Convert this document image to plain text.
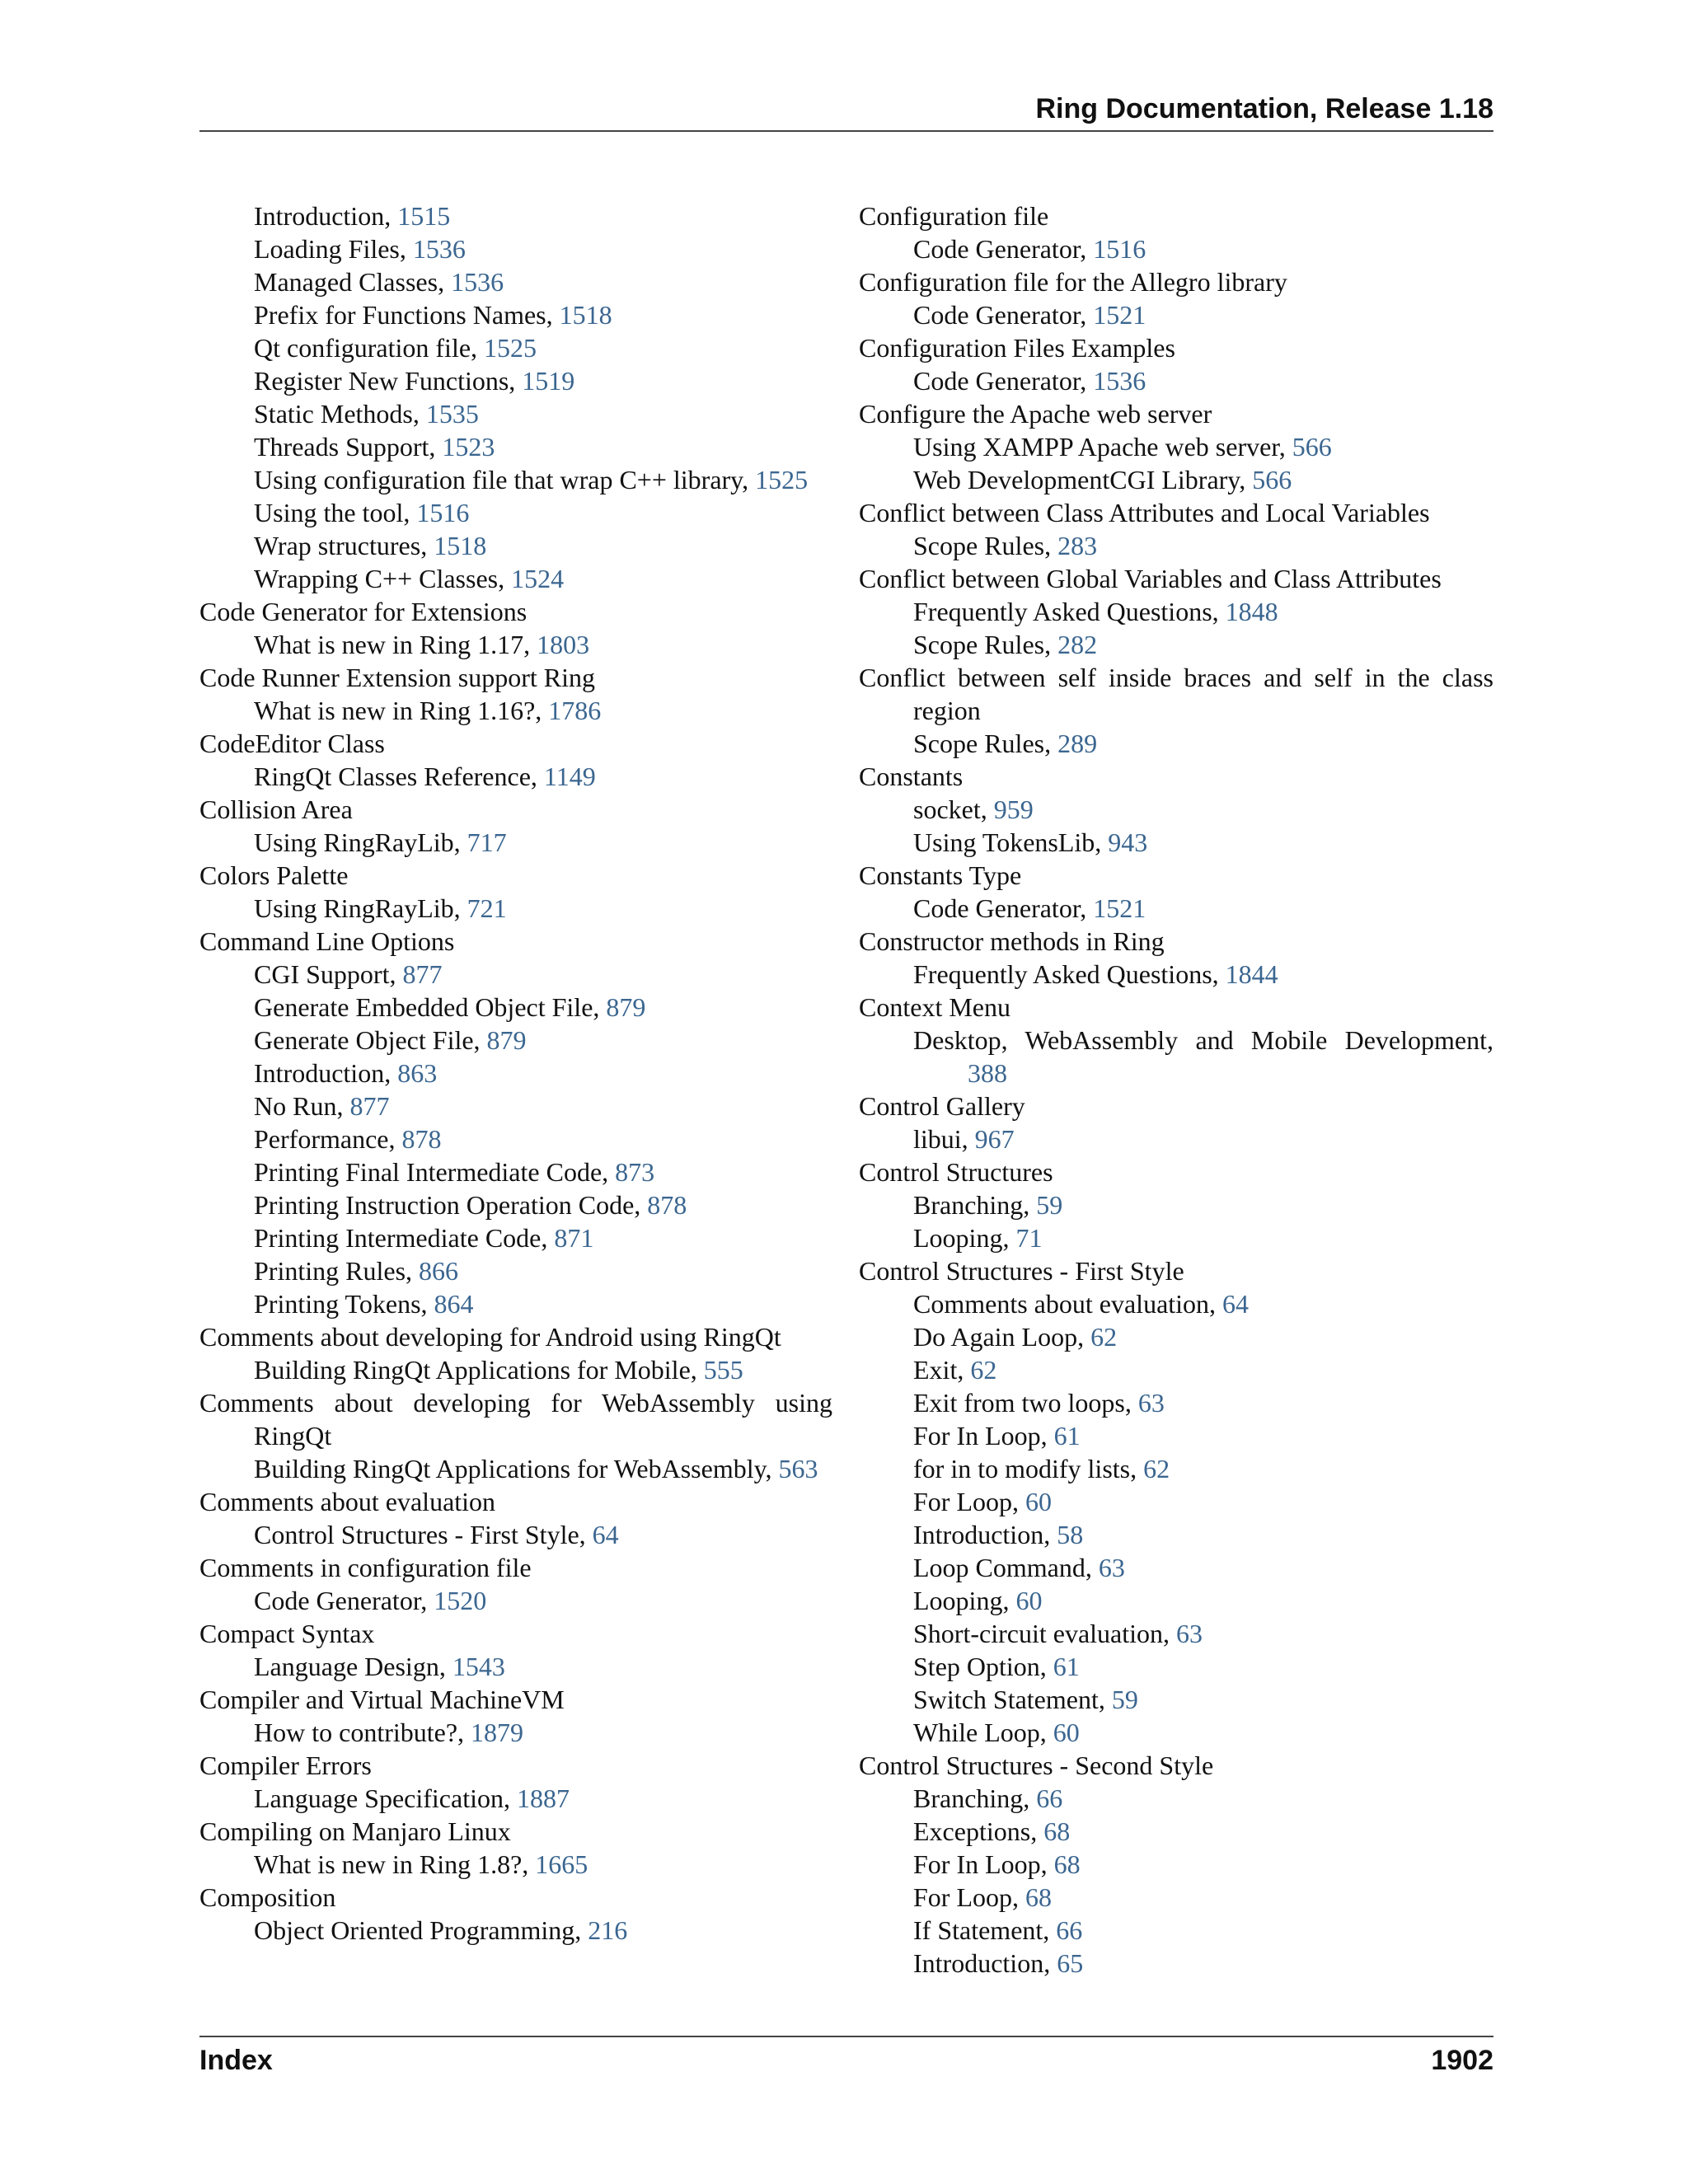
Ring Documentation, Release 1.18
Introduction, 1515
Loading Files, 1536
Managed Classes, 1536
Prefix for Functions Names, 1518
Qt configuration file, 1525
Register New Functions, 1519
Static Methods, 1535
Threads Support, 1523
Using configuration file that wrap C++ library, 1525
Using the tool, 1516
Wrap structures, 1518
Wrapping C++ Classes, 1524
Code Generator for Extensions
What is new in Ring 1.17, 1803
Code Runner Extension support Ring
What is new in Ring 1.16?, 1786
CodeEditor Class
RingQt Classes Reference, 1149
Collision Area
Using RingRayLib, 717
Colors Palette
Using RingRayLib, 721
Command Line Options
CGI Support, 877
Generate Embedded Object File, 879
Generate Object File, 879
Introduction, 863
No Run, 877
Performance, 878
Printing Final Intermediate Code, 873
Printing Instruction Operation Code, 878
Printing Intermediate Code, 871
Printing Rules, 866
Printing Tokens, 864
Comments about developing for Android using RingQt
Building RingQt Applications for Mobile, 555
Comments about developing for WebAssembly using RingQt
Building RingQt Applications for WebAssembly, 563
Comments about evaluation
Control Structures - First Style, 64
Comments in configuration file
Code Generator, 1520
Compact Syntax
Language Design, 1543
Compiler and Virtual MachineVM
How to contribute?, 1879
Compiler Errors
Language Specification, 1887
Compiling on Manjaro Linux
What is new in Ring 1.8?, 1665
Composition
Object Oriented Programming, 216
Configuration file
Code Generator, 1516
Configuration file for the Allegro library
Code Generator, 1521
Configuration Files Examples
Code Generator, 1536
Configure the Apache web server
Using XAMPP Apache web server, 566
Web DevelopmentCGI Library, 566
Conflict between Class Attributes and Local Variables
Scope Rules, 283
Conflict between Global Variables and Class Attributes
Frequently Asked Questions, 1848
Scope Rules, 282
Conflict between self inside braces and self in the class region
Scope Rules, 289
Constants
socket, 959
Using TokensLib, 943
Constants Type
Code Generator, 1521
Constructor methods in Ring
Frequently Asked Questions, 1844
Context Menu
Desktop, WebAssembly and Mobile Development, 388
Control Gallery
libui, 967
Control Structures
Branching, 59
Looping, 71
Control Structures - First Style
Comments about evaluation, 64
Do Again Loop, 62
Exit, 62
Exit from two loops, 63
For In Loop, 61
for in to modify lists, 62
For Loop, 60
Introduction, 58
Loop Command, 63
Looping, 60
Short-circuit evaluation, 63
Step Option, 61
Switch Statement, 59
While Loop, 60
Control Structures - Second Style
Branching, 66
Exceptions, 68
For In Loop, 68
For Loop, 68
If Statement, 66
Introduction, 65
Index	1902
